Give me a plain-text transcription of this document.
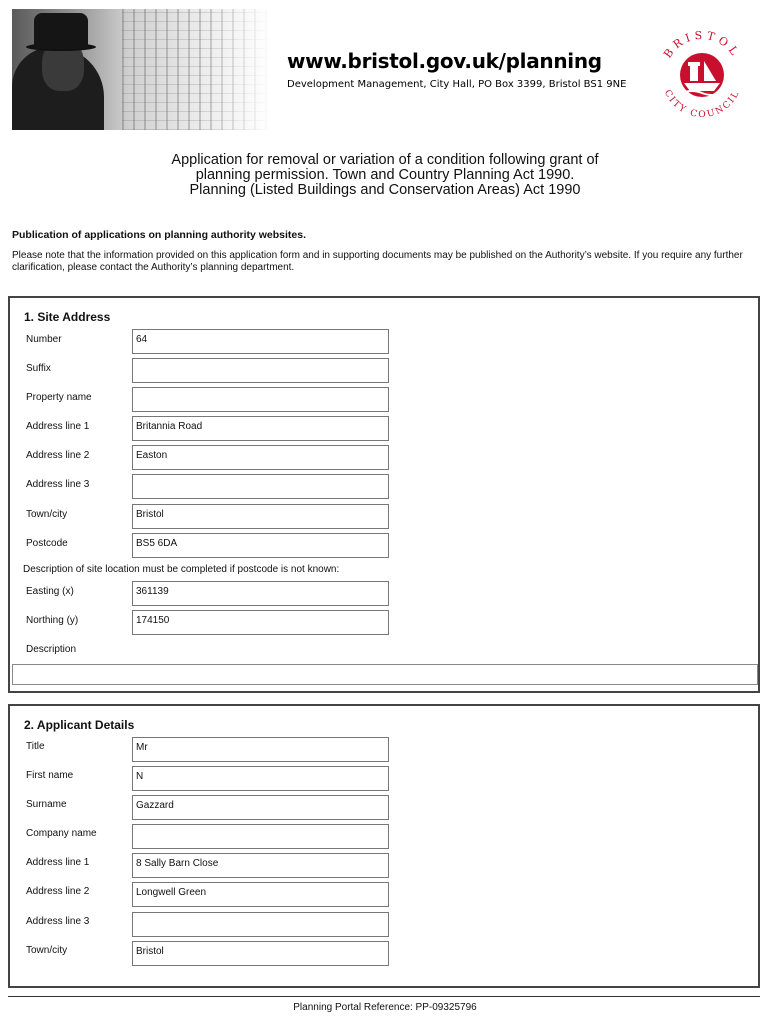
www.bristol.gov.uk/planning

Development Management, City Hall, PO Box 3399, Bristol BS1 9NE

BRISTOL
CITY COUNCIL
Application for removal or variation of a condition following grant of
planning permission. Town and Country Planning Act 1990.
Planning (Listed Buildings and Conservation Areas) Act 1990
Publication of applications on planning authority websites.
Please note that the information provided on this application form and in supporting documents may be published on the Authority’s website. If you require any further clarification, please contact the Authority’s planning department.
1. Site Address
Number	64
Suffix
Property name
Address line 1	Britannia Road
Address line 2	Easton
Address line 3
Town/city	Bristol
Postcode	BS5 6DA
Description of site location must be completed if postcode is not known:
Easting (x)	361139
Northing (y)	174150
Description
2. Applicant Details
Title	Mr
First name	N
Surname	Gazzard
Company name
Address line 1	8 Sally Barn Close
Address line 2	Longwell Green
Address line 3
Town/city	Bristol
Planning Portal Reference: PP-09325796
